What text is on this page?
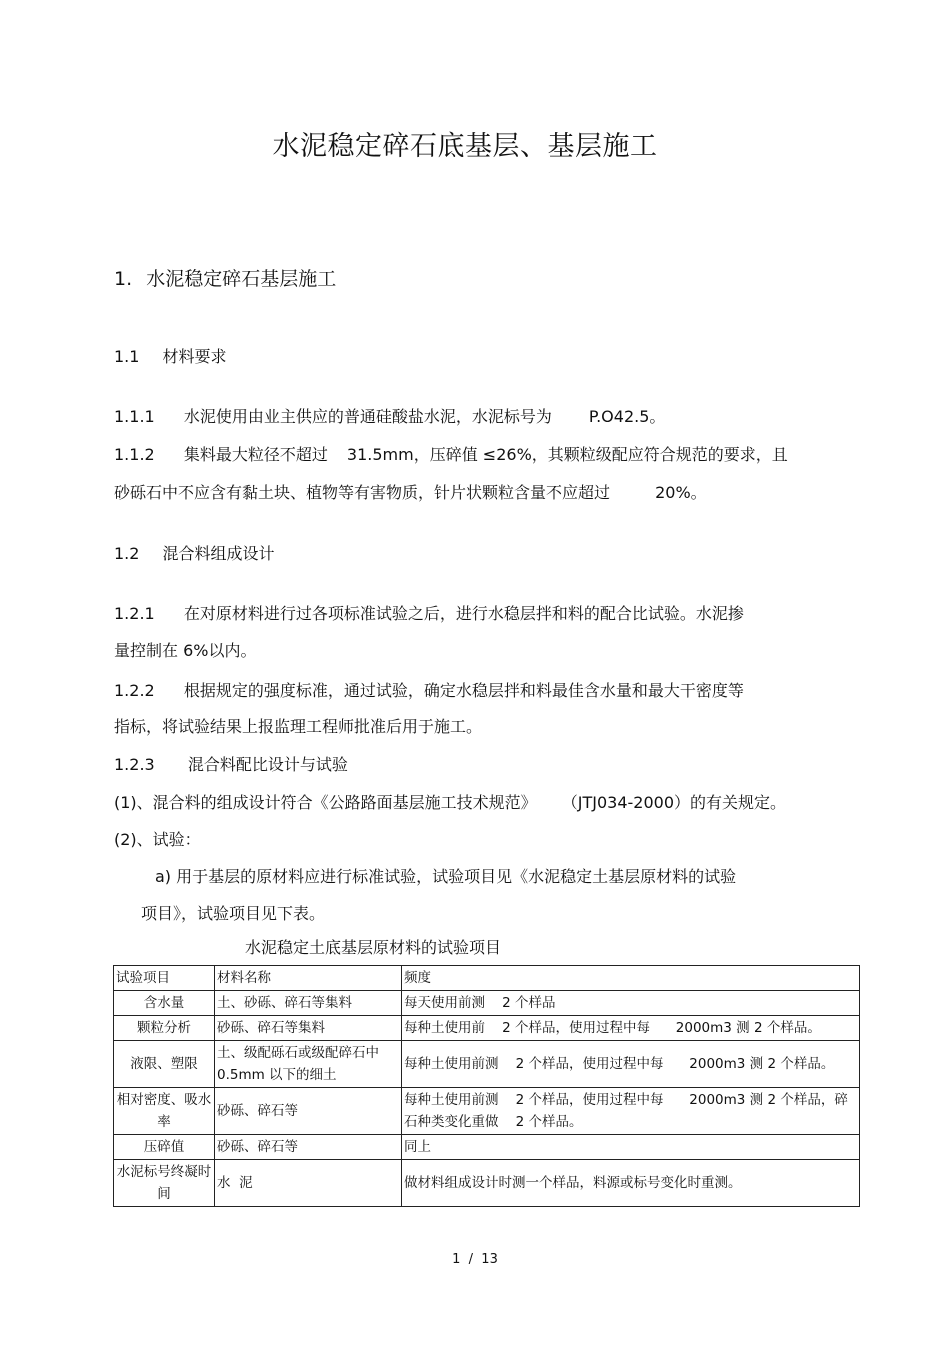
水泥稳定碎石底基层、基层施工
1. 水泥稳定碎石基层施工
1.1 材料要求
1.1.1 水泥使用由业主供应的普通硅酸盐水泥，水泥标号为 P.O42.5。
1.1.2 集料最大粒径不超过 31.5mm，压碎值 ≤26%，其颗粒级配应符合规范的要求，且
砂砾石中不应含有黏土块、植物等有害物质，针片状颗粒含量不应超过	20%。
1.2 混合料组成设计
1.2.1 在对原材料进行过各项标准试验之后，进行水稳层拌和料的配合比试验。水泥掺
量控制在 6%以内。
1.2.2 根据规定的强度标准，通过试验，确定水稳层拌和料最佳含水量和最大干密度等
指标，将试验结果上报监理工程师批准后用于施工。
1.2.3 混合料配比设计与试验
(1)、混合料的组成设计符合《公路路面基层施工技术规范》 （JTJ034-2000）的有关规定。
(2)、试验：
a) 用于基层的原材料应进行标准试验，试验项目见《水泥稳定土基层原材料的试验
项目》，试验项目见下表。
水泥稳定土底基层原材料的试验项目
试验项目	材料名称	频度
含水量	土、砂砾、碎石等集料	每天使用前测    2 个样品
颗粒分析	砂砾、碎石等集料	每种土使用前    2 个样品，使用过程中每      2000m3 测 2 个样品。
液限、塑限	土、级配砾石或级配碎石中 0.5mm 以下的细土	每种土使用前测    2 个样品，使用过程中每      2000m3 测 2 个样品。
相对密度、吸水率	砂砾、碎石等	每种土使用前测    2 个样品，使用过程中每      2000m3 测 2 个样品，碎石种类变化重做    2 个样品。
压碎值	砂砾、碎石等	同上
水泥标号终凝时间	水  泥	做材料组成设计时测一个样品，料源或标号变化时重测。
1  /  13
